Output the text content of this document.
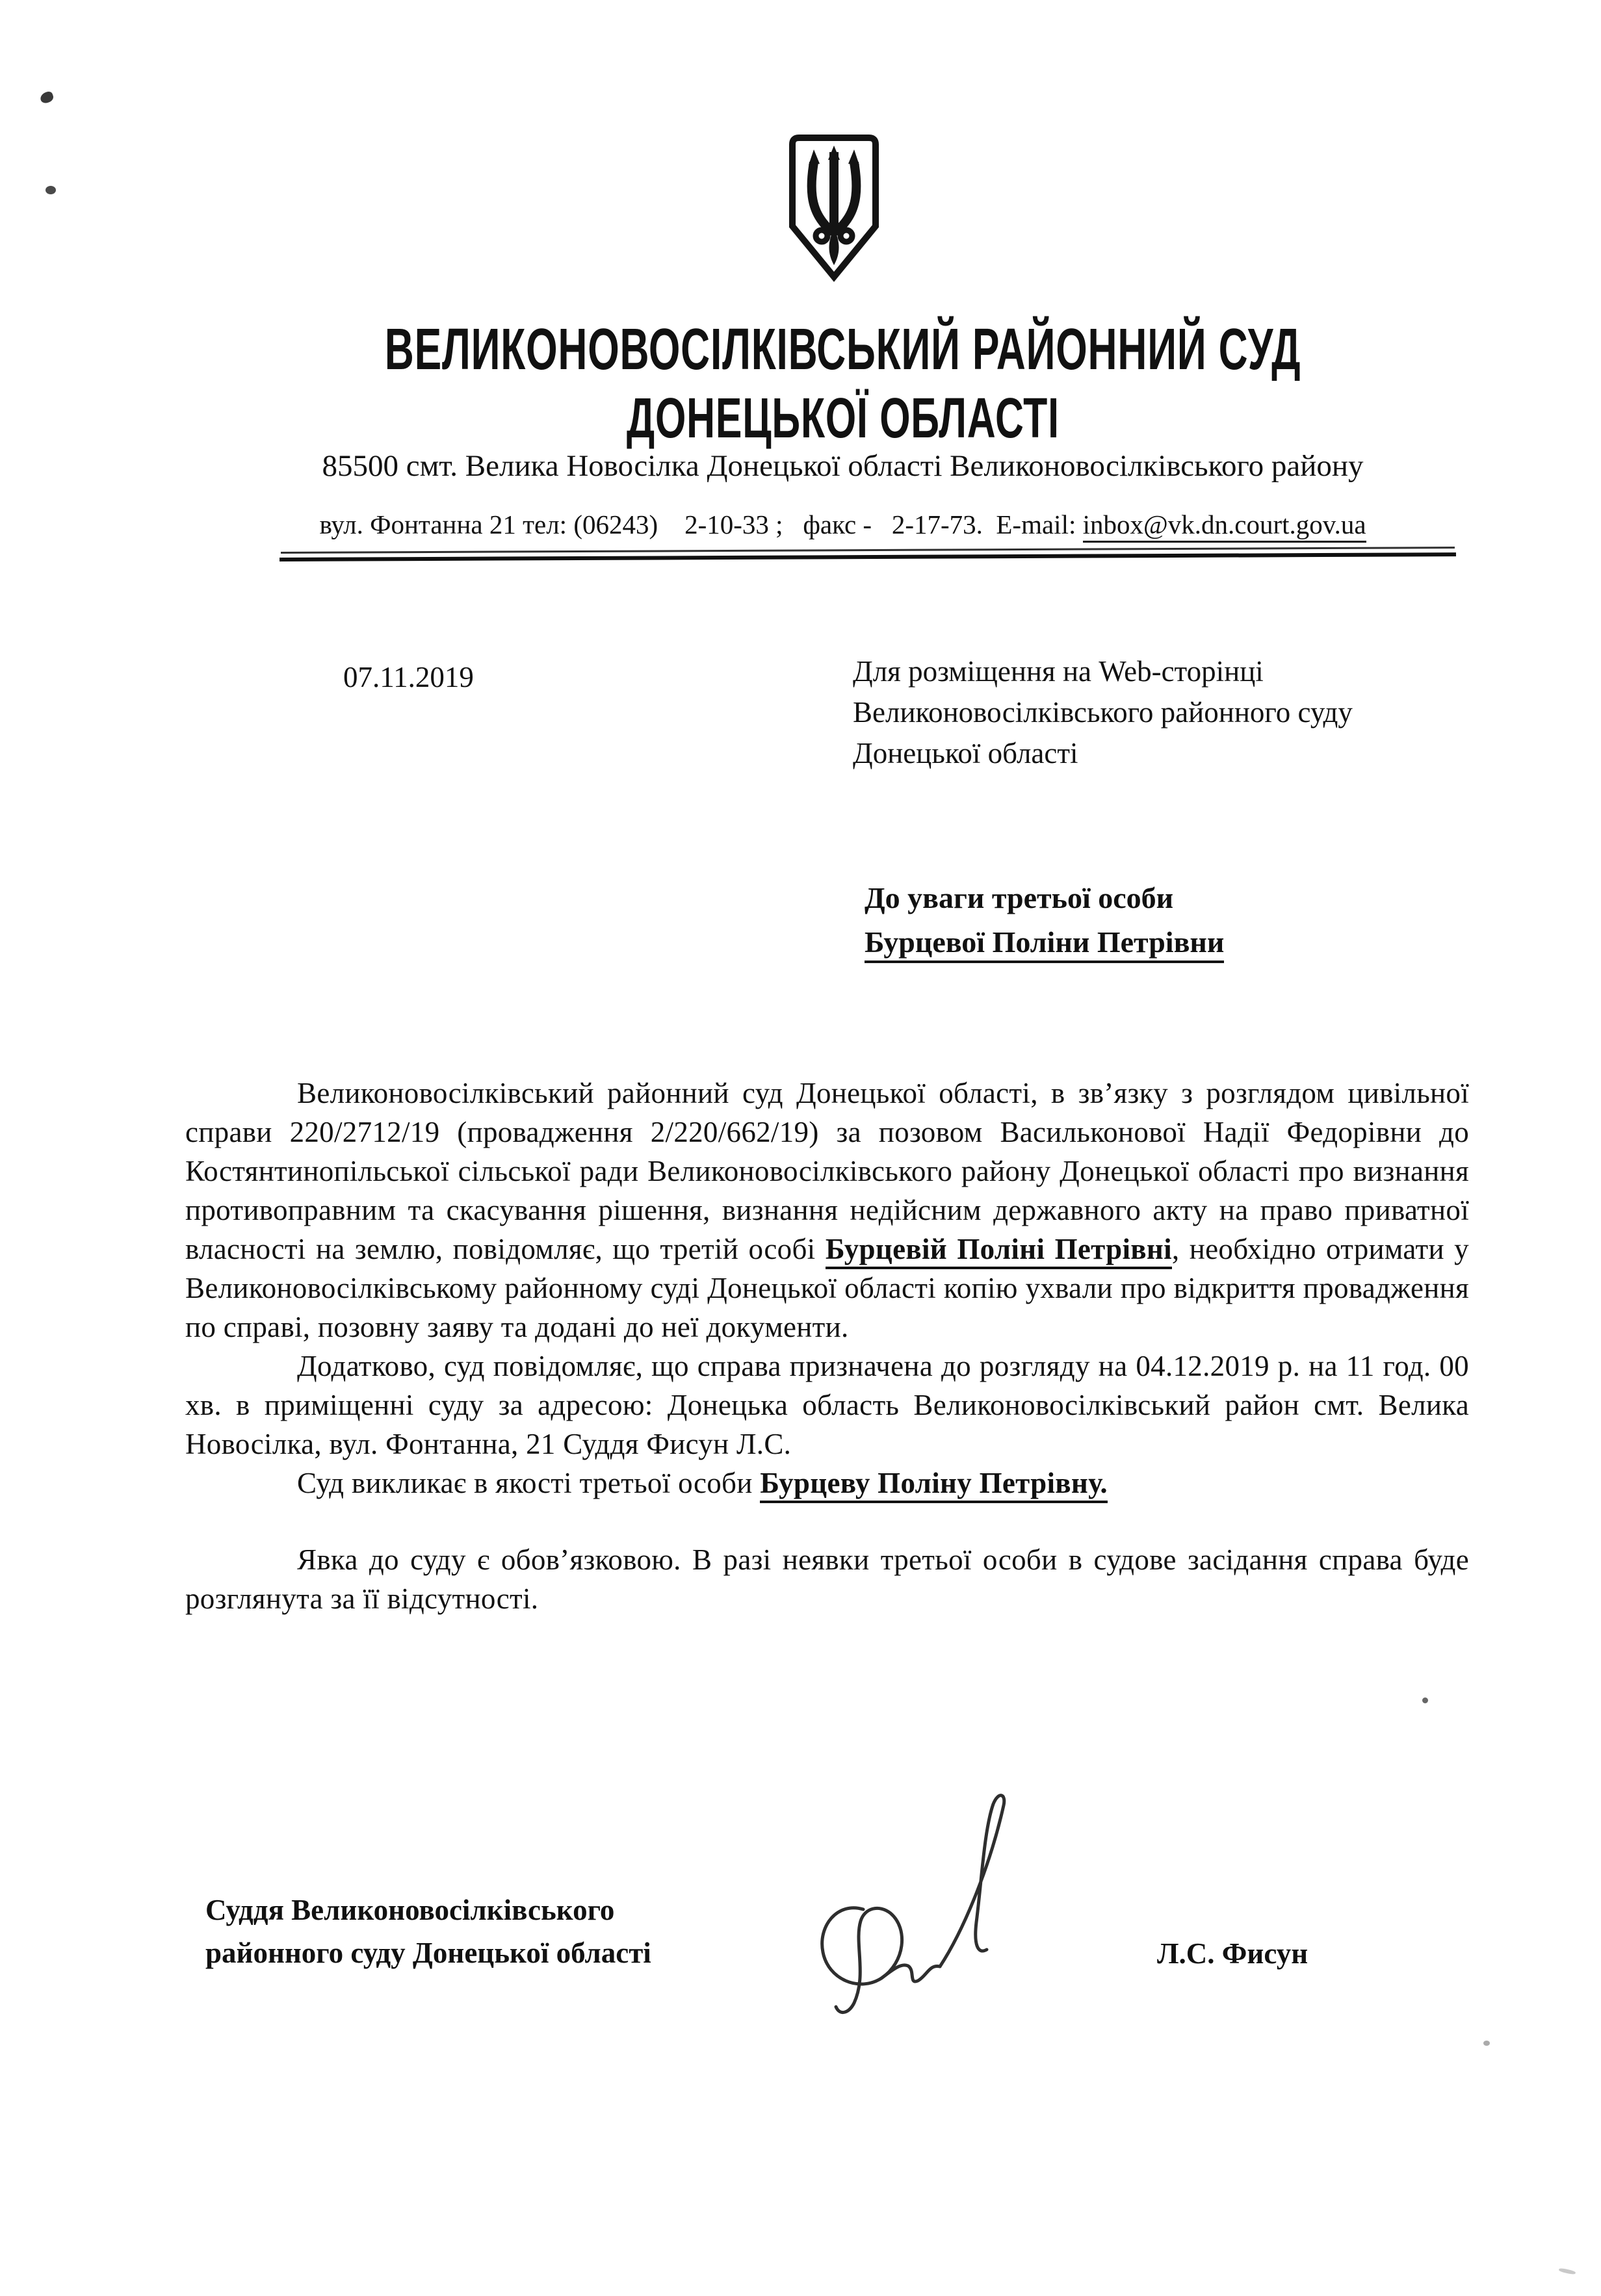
ВЕЛИКОНОВОСІЛКІВСЬКИЙ РАЙОННИЙ СУД
ДОНЕЦЬКОЇ ОБЛАСТІ
85500 смт. Велика Новосілка Донецької області Великоновосілківського району
вул. Фонтанна 21 тел: (06243)    2-10-33 ;   факс -   2-17-73.  E-mail: inbox@vk.dn.court.gov.ua
07.11.2019	Для розміщення на Web-сторінці
Великоновосілківського районного суду
Донецької області
До уваги третьої особи
Бурцевої Поліни Петрівни

Великоновосілківський районний суд Донецької області, в зв’язку з розглядом цивільної справи 220/2712/19 (провадження 2/220/662/19) за позовом Васильконової Надії Федорівни до Костянтинопільської сільської ради Великоновосілківського району Донецької області про визнання противоправним та скасування рішення, визнання недійсним державного акту на право приватної власності на землю, повідомляє, що третій особі Бурцевій Поліні Петрівні, необхідно отримати у Великоновосілківському районному суді Донецької області копію ухвали про відкриття провадження по справі, позовну заяву та додані до неї документи.

Додатково, суд повідомляє, що справа призначена до розгляду на 04.12.2019 р. на 11 год. 00 хв. в приміщенні суду за адресою: Донецька область Великоновосілківський район смт. Велика Новосілка, вул. Фонтанна, 21 Суддя Фисун Л.С.

Суд викликає в якості третьої особи Бурцеву Поліну Петрівну.

Явка до суду є обов’язковою. В разі неявки третьої особи в судове засідання справа буде розглянута за її відсутності.

Суддя Великоновосілківського
районного суду Донецької області	Л.С. Фисун
